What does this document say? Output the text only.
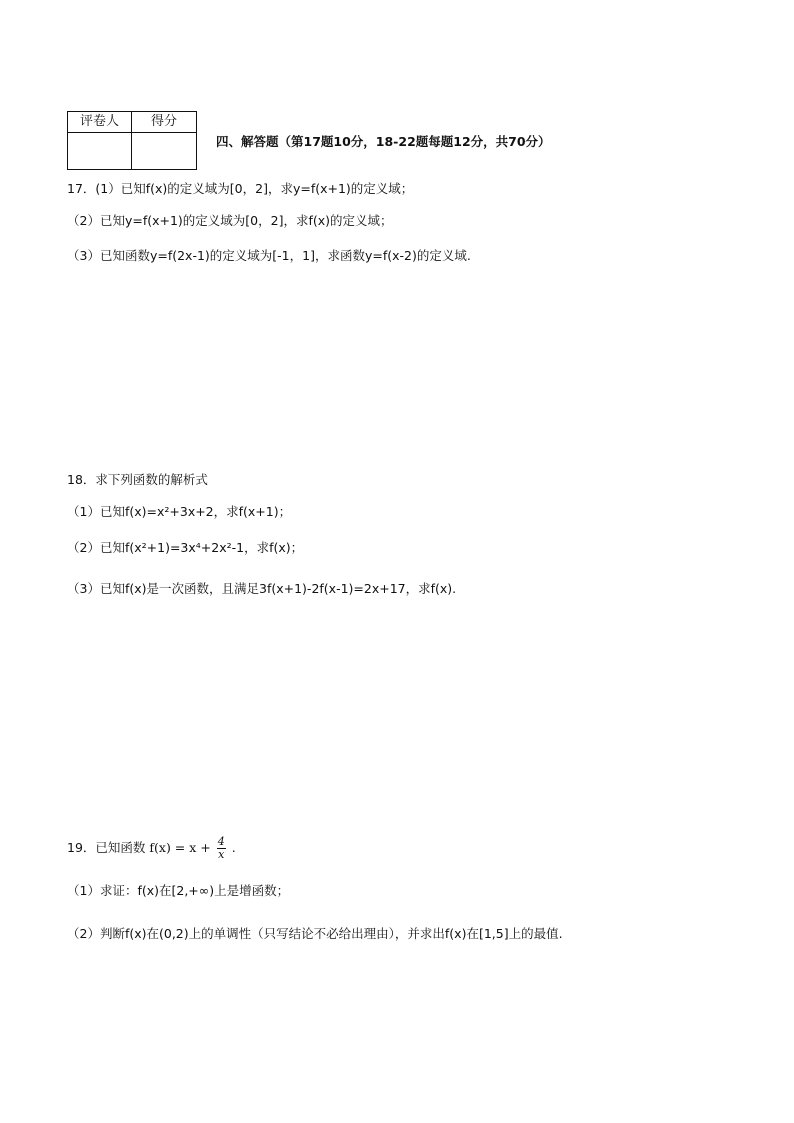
评卷人	得分

四、解答题（第17题10分，18-22题每题12分，共70分）
17．(1）已知f(x)的定义域为[0，2]，求y=f(x+1)的定义域；
（2）已知y=f(x+1)的定义域为[0，2]，求f(x)的定义域；
（3）已知函数y=f(2x-1)的定义域为[-1，1]，求函数y=f(x-2)的定义域.
18．求下列函数的解析式
（1）已知f(x)=x²+3x+2，求f(x+1)；
（2）已知f(x²+1)=3x⁴+2x²-1，求f(x)；
（3）已知f(x)是一次函数，且满足3f(x+1)-2f(x-1)=2x+17，求f(x).
19．已知函数 $f(x) = x + \frac{4}{x}$ .
（1）求证：f(x)在[2,+∞)上是增函数；
（2）判断f(x)在(0,2)上的单调性（只写结论不必给出理由），并求出f(x)在[1,5]上的最值.
